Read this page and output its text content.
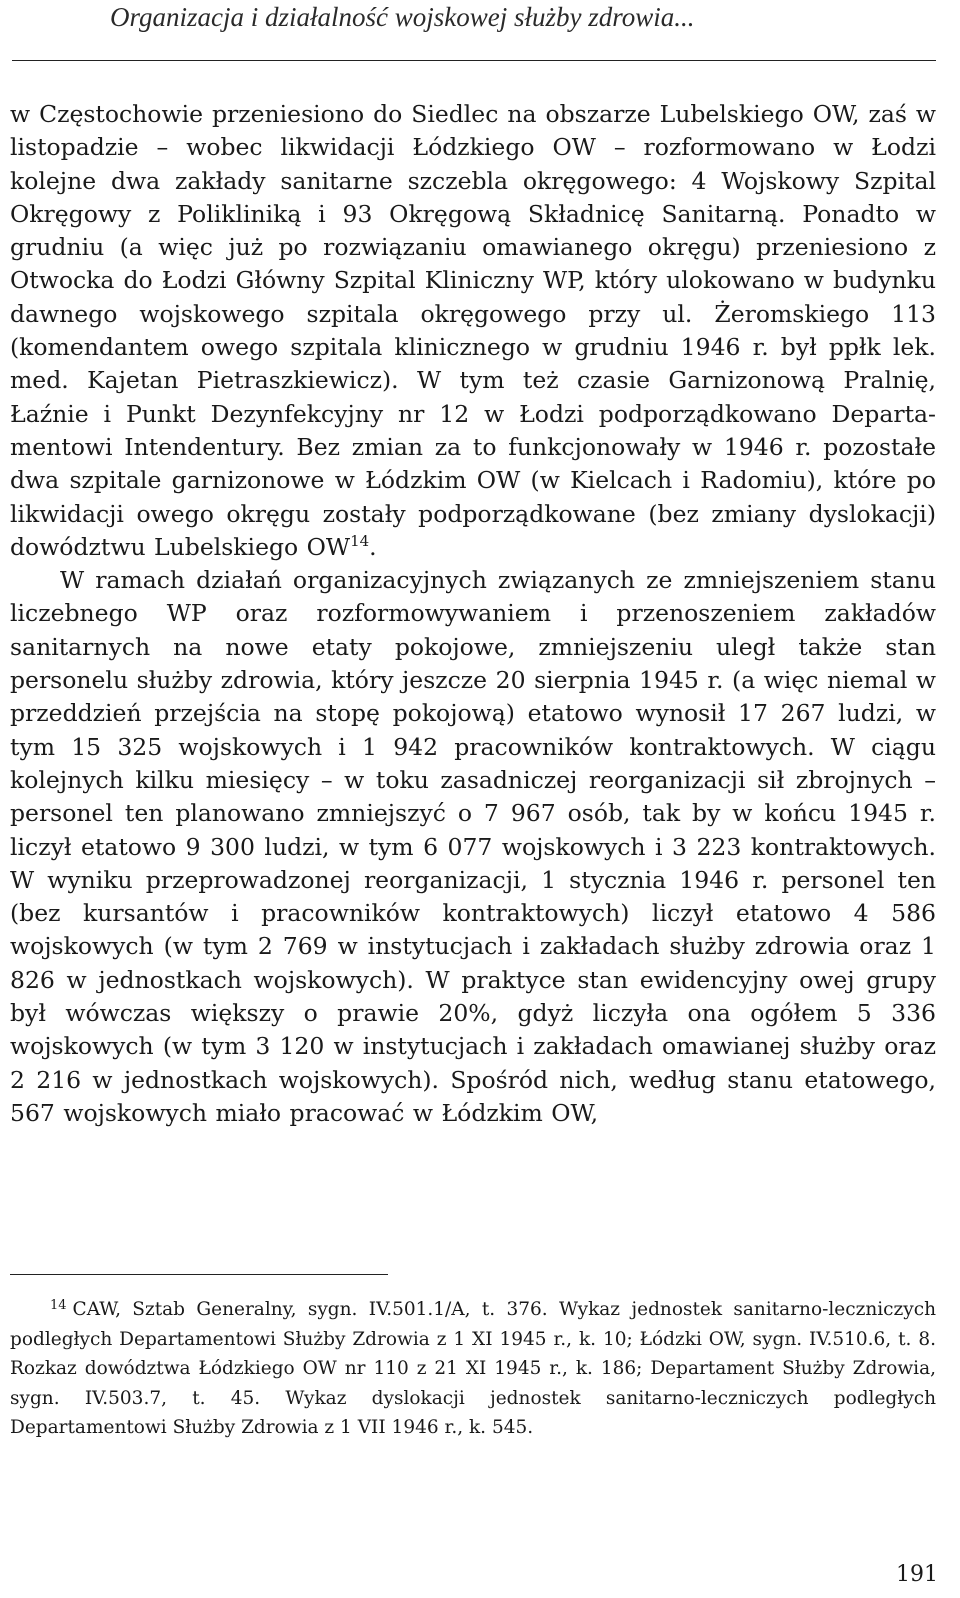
Organizacja i działalność wojskowej służby zdrowia...

w Częstochowie przeniesiono do Siedlec na obszarze Lubelskiego OW, zaś w listopadzie – wobec likwidacji Łódzkiego OW – rozformowano w Łodzi kolejne dwa zakłady sanitarne szczebla okręgowego: 4 Wojskowy Szpital Okręgowy z Polikliniką i 93 Okręgową Składnicę Sanitarną. Ponadto w grudniu (a więc już po rozwiązaniu omawianego okręgu) przeniesiono z Otwocka do Łodzi Główny Szpital Kliniczny WP, który ulokowano w budynku dawnego wojskowego szpitala okręgowego przy ul. Żeromskiego 113 (komendantem owego szpitala klinicznego w grudniu 1946 r. był ppłk lek. med. Kajetan Pietraszkiewicz). W tym też czasie Garnizonową Pralnię, Łaźnie i Punkt Dezynfekcyjny nr 12 w Łodzi podporządkowano Departamentowi Intendentury. Bez zmian za to funkcjonowały w 1946 r. pozostałe dwa szpitale garnizonowe w Łódzkim OW (w Kielcach i Radomiu), które po likwidacji owego okręgu zostały podporządkowane (bez zmiany dyslokacji) dowództwu Lubelskiego OW$^{14}$.

W ramach działań organizacyjnych związanych ze zmniejszeniem stanu liczebnego WP oraz rozformowywaniem i przenoszeniem zakładów sanitarnych na nowe etaty pokojowe, zmniejszeniu uległ także stan personelu służby zdrowia, który jeszcze 20 sierpnia 1945 r. (a więc niemal w przeddzień przejścia na stopę pokojową) etatowo wynosił 17 267 ludzi, w tym 15 325 wojskowych i 1 942 pracowników kontraktowych. W ciągu kolejnych kilku miesięcy – w toku zasadniczej reorganizacji sił zbrojnych – personel ten planowano zmniejszyć o 7 967 osób, tak by w końcu 1945 r. liczył etatowo 9 300 ludzi, w tym 6 077 wojskowych i 3 223 kontraktowych. W wyniku przeprowadzonej reorganizacji, 1 stycznia 1946 r. personel ten (bez kursantów i pracowników kontraktowych) liczył etatowo 4 586 wojskowych (w tym 2 769 w instytucjach i zakładach służby zdrowia oraz 1 826 w jednostkach wojskowych). W praktyce stan ewidencyjny owej grupy był wówczas większy o prawie 20%, gdyż liczyła ona ogółem 5 336 wojskowych (w tym 3 120 w instytucjach i zakładach omawianej służby oraz 2 216 w jednostkach wojskowych). Spośród nich, według stanu etatowego, 567 wojskowych miało pracować w Łódzkim OW,

$^{14}$ CAW, Sztab Generalny, sygn. IV.501.1/A, t. 376. Wykaz jednostek sanitarno-leczniczych podległych Departamentowi Służby Zdrowia z 1 XI 1945 r., k. 10; Łódzki OW, sygn. IV.510.6, t. 8. Rozkaz dowództwa Łódzkiego OW nr 110 z 21 XI 1945 r., k. 186; Departament Służby Zdrowia, sygn. IV.503.7, t. 45. Wykaz dyslokacji jednostek sanitarno-leczniczych podległych Departamentowi Służby Zdrowia z 1 VII 1946 r., k. 545.

191
